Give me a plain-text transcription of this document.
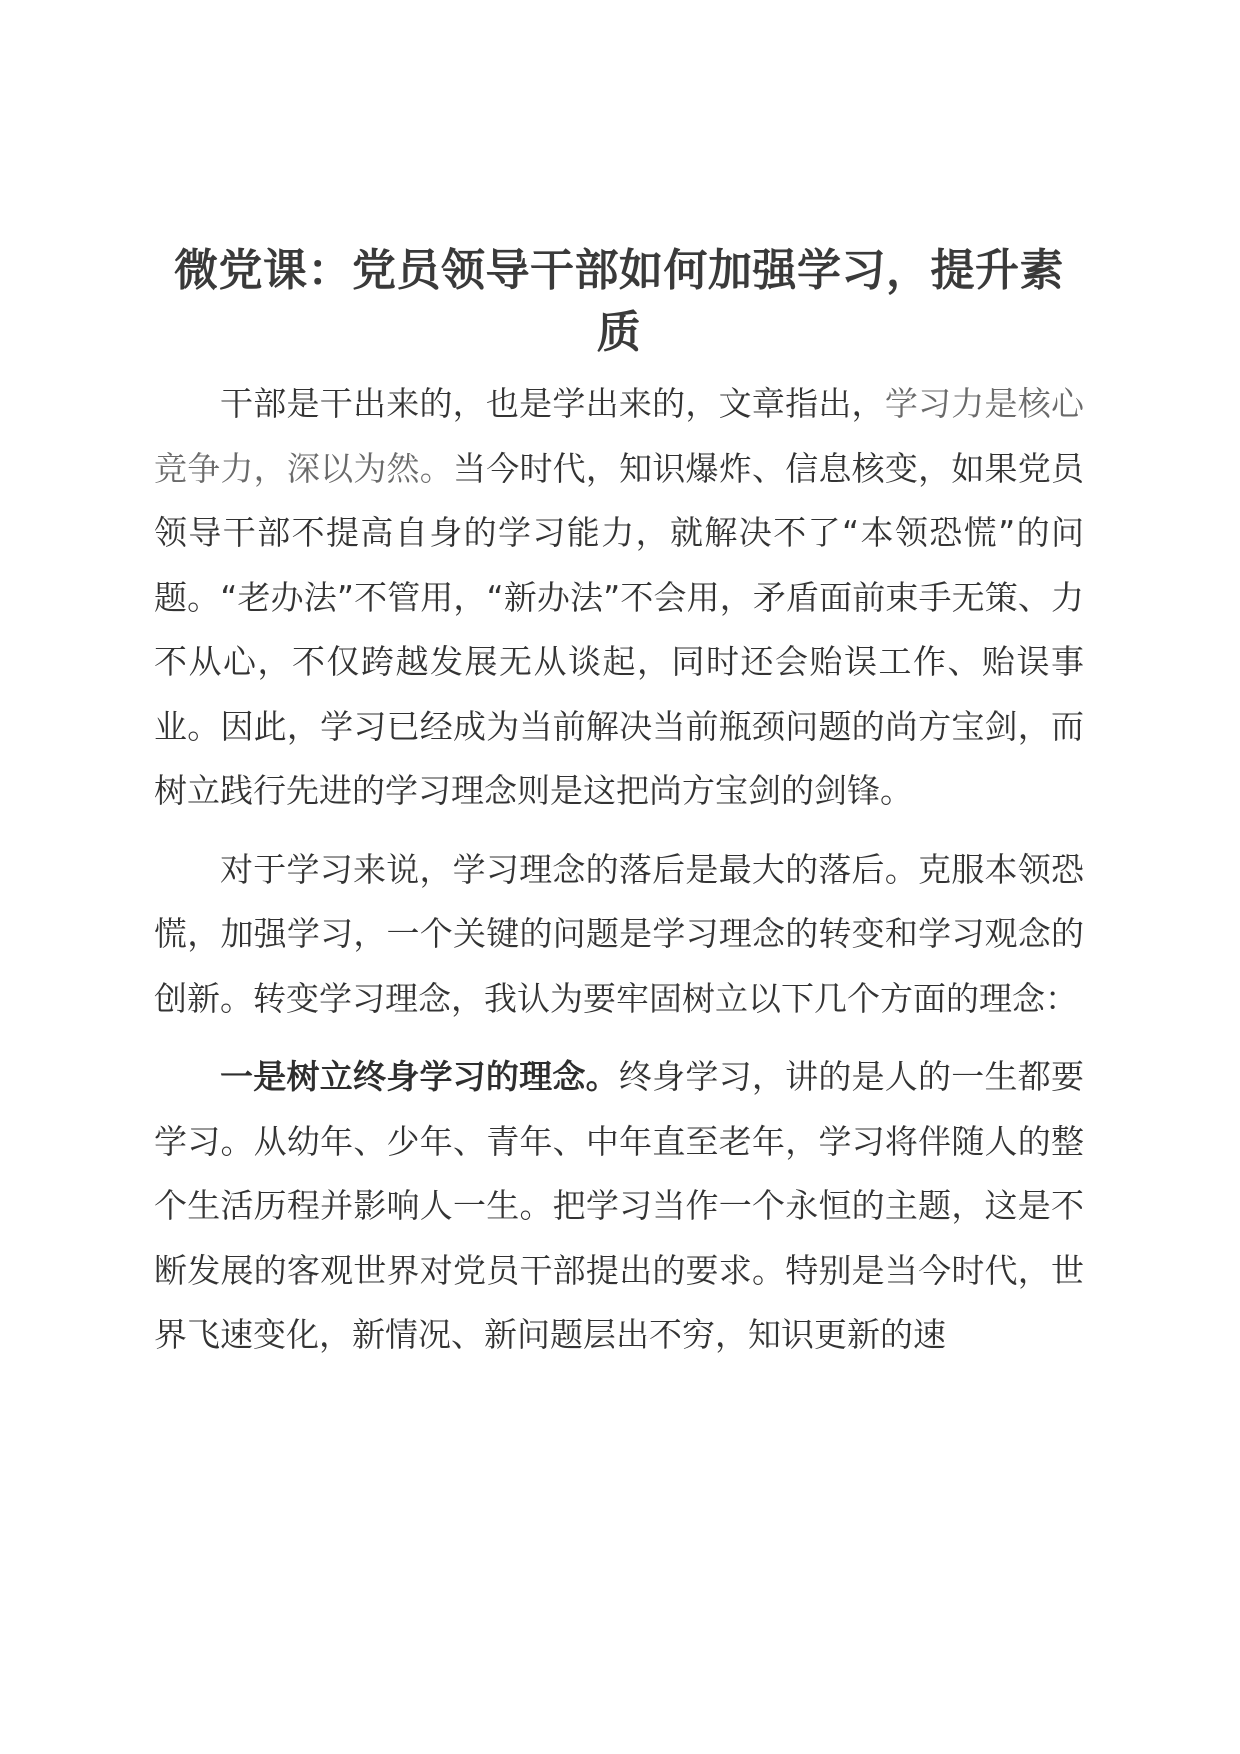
微党课：党员领导干部如何加强学习，提升素质

干部是干出来的，也是学出来的，文章指出，学习力是核心竞争力，深以为然。当今时代，知识爆炸、信息核变，如果党员领导干部不提高自身的学习能力，就解决不了“本领恐慌”的问题。“老办法”不管用，“新办法”不会用，矛盾面前束手无策、力不从心，不仅跨越发展无从谈起，同时还会贻误工作、贻误事业。因此，学习已经成为当前解决当前瓶颈问题的尚方宝剑，而树立践行先进的学习理念则是这把尚方宝剑的剑锋。

对于学习来说，学习理念的落后是最大的落后。克服本领恐慌，加强学习，一个关键的问题是学习理念的转变和学习观念的创新。转变学习理念，我认为要牢固树立以下几个方面的理念：

一是树立终身学习的理念。终身学习，讲的是人的一生都要学习。从幼年、少年、青年、中年直至老年，学习将伴随人的整个生活历程并影响人一生。把学习当作一个永恒的主题，这是不断发展的客观世界对党员干部提出的要求。特别是当今时代，世界飞速变化，新情况、新问题层出不穷，知识更新的速
